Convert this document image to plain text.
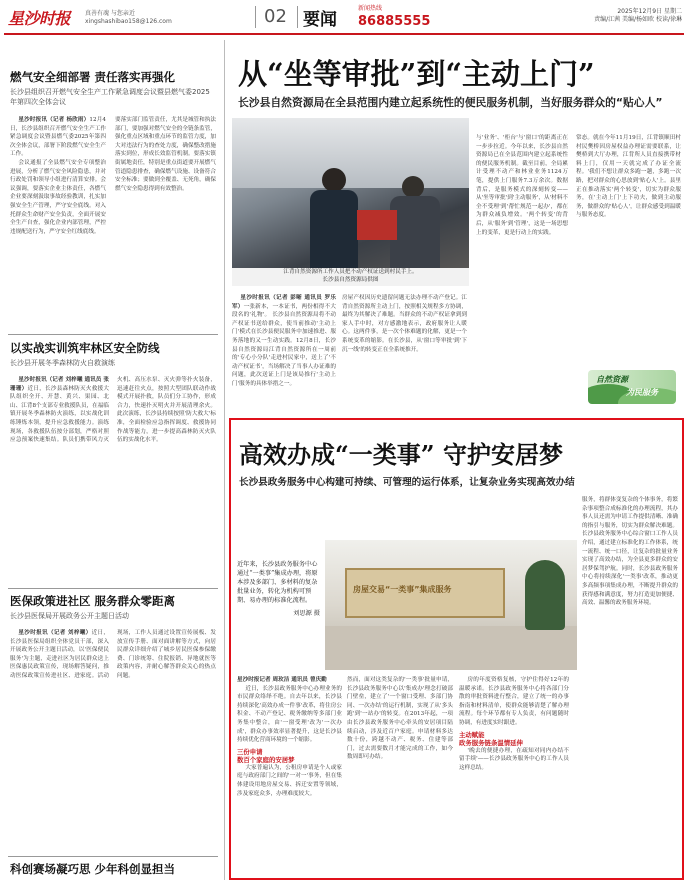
星沙时报 真善有魂 与您亲近
xingshashibao158@126.com	02 要闻
新闻热线
86885555
2025年12月9日 星期二
责编/江茜 美编/杨如欧 校读/徐琳
燃气安全细部署 责任落实再强化
长沙县组织召开燃气安全生产工作紧急调度会议暨县燃气委2025年第四次全体会议

星沙时报讯（记者 杨欣雨）12月4日，长沙县组织召开燃气安全生产工作紧急调度会议暨县燃气委2025年第四次全体会议，部署下阶段燃气安全生产工作。

会议通报了全县燃气安全专项整治进展，分析了燃气安全风险隐患，并对行政处罚和领导小组进行清算安排。会议强调，要落实企业主体责任，各燃气企业要深刻汲取事故经验教训，扎实加强安全生产管理，严守安全底线。对入托群众生命财产安全负责，全面开展安全生产自查，强化企业内部管理，严控违规配送行为，严守安全红线底线。

要落实部门监管责任，尤其是城管和执法部门，要加强对燃气安全的全链条监管，强化重点区域和重点环节的监管力度，加大对违法行为的查处力度，确保整改措施落实到位，形成长效监管机制。要落实镇街属地责任，特别是重点街道要开展燃气管道隐患排查，确保燃气设施、设备符合安全标准；要做到全覆盖、无死角，确保燃气安全隐患得到有效整治。
以实战实训筑牢林区安全防线
长沙县开展冬季森林防火自救演练

星沙时报讯（记者 刘梓曦 通讯员 张珊珊）近日，长沙县森林防灭火救援大队组织全开、开慧、黄兴、果园、北山、江背8个支部专业救援队员，在福临镇开展冬季森林防火演练，以实战化训练锤炼本领，提升应急救援能力。演练现场，各救援队伍按分部划，严格对照应急预案快速集结。队员们携带风力灭火机、高压水泵、灭火弹等扑火装备，迅速赶往火点，按照大型团队联动作战模式开展扑救，队员们分工协作，形成合力，快速扑灭明火并开展清理余火。此次演练，长沙县持续按照'防大救大'标准，全面检验应急指挥调度、救援协同作战等能力，进一步提高森林防灭火队伍的实战化水平。

医保政策进社区 服务群众零距离
长沙县医保局开展政务公开主题日活动

星沙时报讯（记者 刘梓曦）近日，长沙县医保局组织全体党员干部，深入开展政务公开主题日活动，以'医保便民服务'为主题，走进社区为居民群众送上医保惠民政策宣传，现场解答疑问，推动医保政策宣传进社区、进家庭。活动现场，工作人员通过设置宣传展板、发放宣传手册、面对面讲解等方式，向居民群众详细介绍了城乡居民医保参保缴费、门诊统筹、住院报销、异地就医等政策内容，并耐心解答群众关心的热点问题。

科创赛场凝巧思 少年科创显担当
从“坐等审批”到“主动上门”
长沙县自然资源局在全县范围内建立起系统性的便民服务机制，当好服务群众的“贴心人”
江背自然资源所工作人员把不动产权证送到村民手上。
长沙县自然资源局供图

星沙时报讯（记者 彭晰 通讯员 罗乐军）一张新本，一本证书，两份相得不大段名的'礼物'。 长沙县自然资源局将不动产权证书送给群众，使当前推动'主动上门'模式在长沙县便民服务中加速推进、服务落地的又一生动实践。12月8日，长沙县自然资源局江背自然资源所在一周前的'专心小分队'走进村民家中，送上了'不动产权证书'，当场解决了当事人办证难的问题，此次送证上门是该局推行'主动上门'服务的具体举措之一。

房屋产权因历史遗留问题无法办理不动产登记。江背自然资源所主动上门，按照相关规程多方协调，最终为其解决了难题。当群众的不动产权证拿到到家人手中时，对方感激地表示，政府服务让人暖心。这两件事，是一次个体难题的化解，更是一个系统变革的缩影。在长沙县，从'窗口等审批'到'下沉一线'的转变正在全系统推开。
与'业务'、'柜台'与'窗口'的距离正在一步步拉近。今年以来，长沙县自然资源局已在全县范围内建立起系统性的便民服务机制。截至目前，全局累计受理不动产和林业业务1124万笔，提供上门服务7.3万余次。数据背后，是服务模式的深刻转变——从'坐等审批'到'主动服务'，从'材料不全不受理'到'帮忙规范一起办'，都在为群众减负增效。'两个转变'的背后，从'服务'到'管理'，这是一场思想上的变革，更是行动上的实践。
常态。就在今年11月19日，江背镇顺田村村民樊桥因房屋权益办理证需要联系，让樊桥到大厅办理，江背所人员直接携带材料上门，仅用一天就完成了办证全流程。'我们不想让群众多跑一趟，多跑一次路，把对群众的心思放到'贴心人'上。县里正在推动落实'两个转变'，切实为群众服务，在'主动上门'上下功夫，做到主动服务，做群众的'贴心人'，让群众感受到温暖与服务态度。
自然资源
为民服务
高效办成“一类事” 守护安居梦
长沙县政务服务中心构建可持续、可管理的运行体系，让复杂业务实现高效办结
近年来，长沙县政务服务中心通过“一类事”集成办理，将原本涉及多部门、多材料的复杂批量业务，转化为机构可预期、易办理的标准化流程。
刘思源 摄
房屋交易“一类事”集成服务

星沙时报记者 周玫洁 通讯员 曾庆勤

近日，长沙县政务服务中心办理业务的市民群众络绎不绝。自去年以来，长沙县持续深化'高效办成一件事'改革，将住房公积金、不动产登记、税务缴纳等多部门业务集中整合，由'一窗受理'改为'一次办成'，群众办事效率显著提升，这是长沙县持续优化营商环境的一个缩影。

三份申请
数百个家庭的安居梦

大家普遍认为，公租房申请是个人或家庭与政府部门之间的'一对一'事务，但在集体建设用地房屋交易、拆迁安置等领域，涉及家庭众多，办理难度较大。

然而，面对这类复杂的'一类事'批量申请，长沙县政务服务中心以'集成办'理念打破部门壁垒，建立了'一个窗口受理、多部门协同、一次办结'的运行机制，实现了从'多头跑'到'一站办'的转变。在2013年起，一项由长沙县政务服务中心牵头的安居项目陆续启动，涉及近百户家庭。申请材料多达数十份，跨越不动产、税务、住建等部门，过去需要数月才能完成的工作，如今数周即可办结。

房的年度资格复核，守护住得好12年的温暖承诺。长沙县政务服务中心将各部门分散的审批资料进行整合，建立了统一的办事指南和材料清单，使群众能够清楚了解办理流程。每个环节都有专人负责，有问题随时协调，有进度实时跟进。

主动赋能
政务服务链条温情延伸

'晚去的便捷办理，在疏知对同内办结不留手续'——长沙县政务服务中心的工作人员这样总结。

服务，将群体变复杂的个体事务，将繁杂事项整合成标准化的办理流程，其办事人员还需为申请工作提供清晰、准确的指引与服务，切实为群众解决难题。长沙县政务服务中心综合窗口工作人员介绍，通过建立标准化的工作体系，统一流程、统一口径，让复杂的批量业务实现了高效办结，为全县更多群众的安居梦保驾护航。同时，长沙县政务服务中心将持续深化'一类事'改革，推动更多高频事项集成办理，不断提升群众的获得感和满意度，努力打造更加便捷、高效、温馨的政务服务环境。
